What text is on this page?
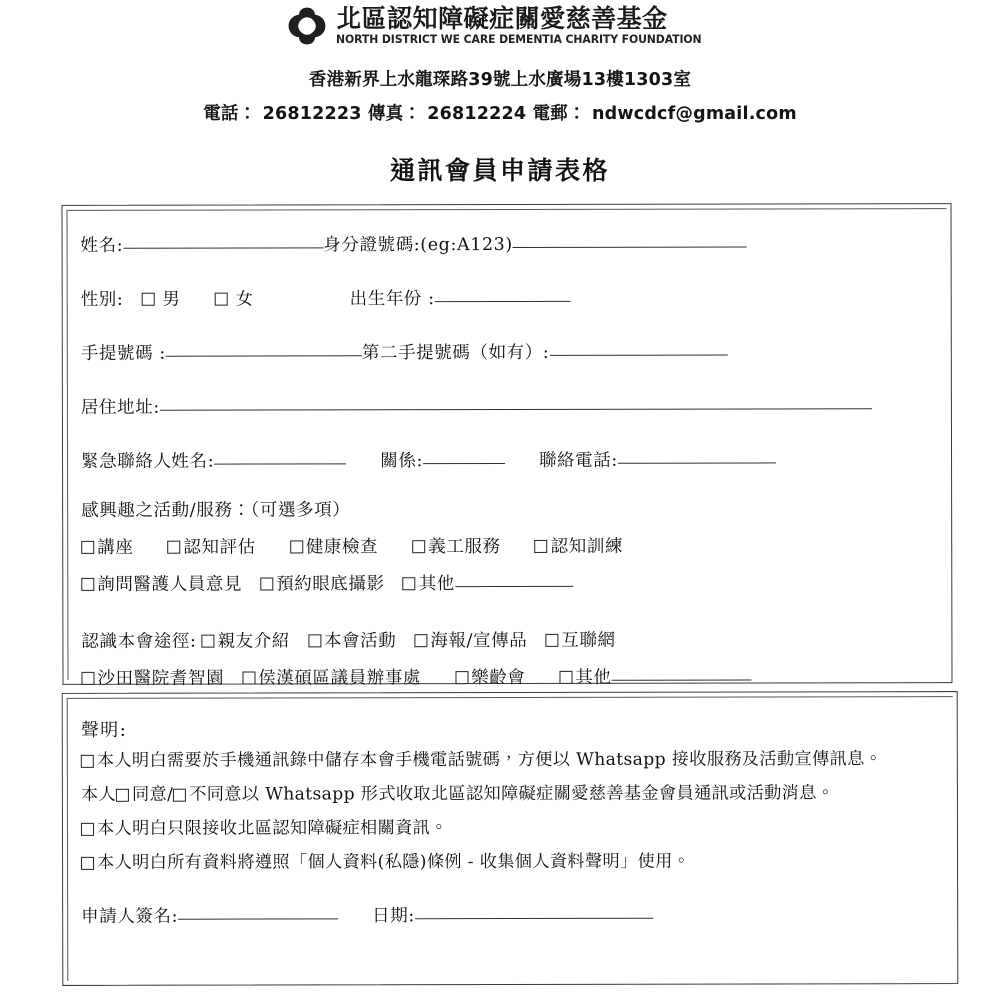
北區認知障礙症關愛慈善基金
NORTH DISTRICT WE CARE DEMENTIA CHARITY FOUNDATION
香港新界上水龍琛路39號上水廣場13樓1303室
電話： 26812223 傳真： 26812224 電郵： ndwcdcf@gmail.com
通訊會員申請表格
姓名:	身分證號碼:(eg:A123)
性別: 男	女	出生年份 :
手提號碼 :	第二手提號碼（如有）:
居住地址:
緊急聯絡人姓名:	關係:	聯絡電話:
感興趣之活動/服務：（可選多項）
講座	認知評估	健康檢查	義工服務	認知訓練
詢問醫護人員意見 預約眼底攝影 其他
認識本會途徑: 親友介紹 本會活動 海報/宣傳品 互聯網
沙田醫院耆智園 侯漢碩區議員辦事處	樂齡會	其他
聲明:
本人明白需要於手機通訊錄中儲存本會手機電話號碼，方便以 Whatsapp 接收服務及活動宣傳訊息。
本人 同意/ 不同意以 Whatsapp 形式收取北區認知障礙症關愛慈善基金會員通訊或活動消息。
本人明白只限接收北區認知障礙症相關資訊。
本人明白所有資料將遵照「個人資料(私隱)條例 - 收集個人資料聲明」使用。
申請人簽名:	日期:
